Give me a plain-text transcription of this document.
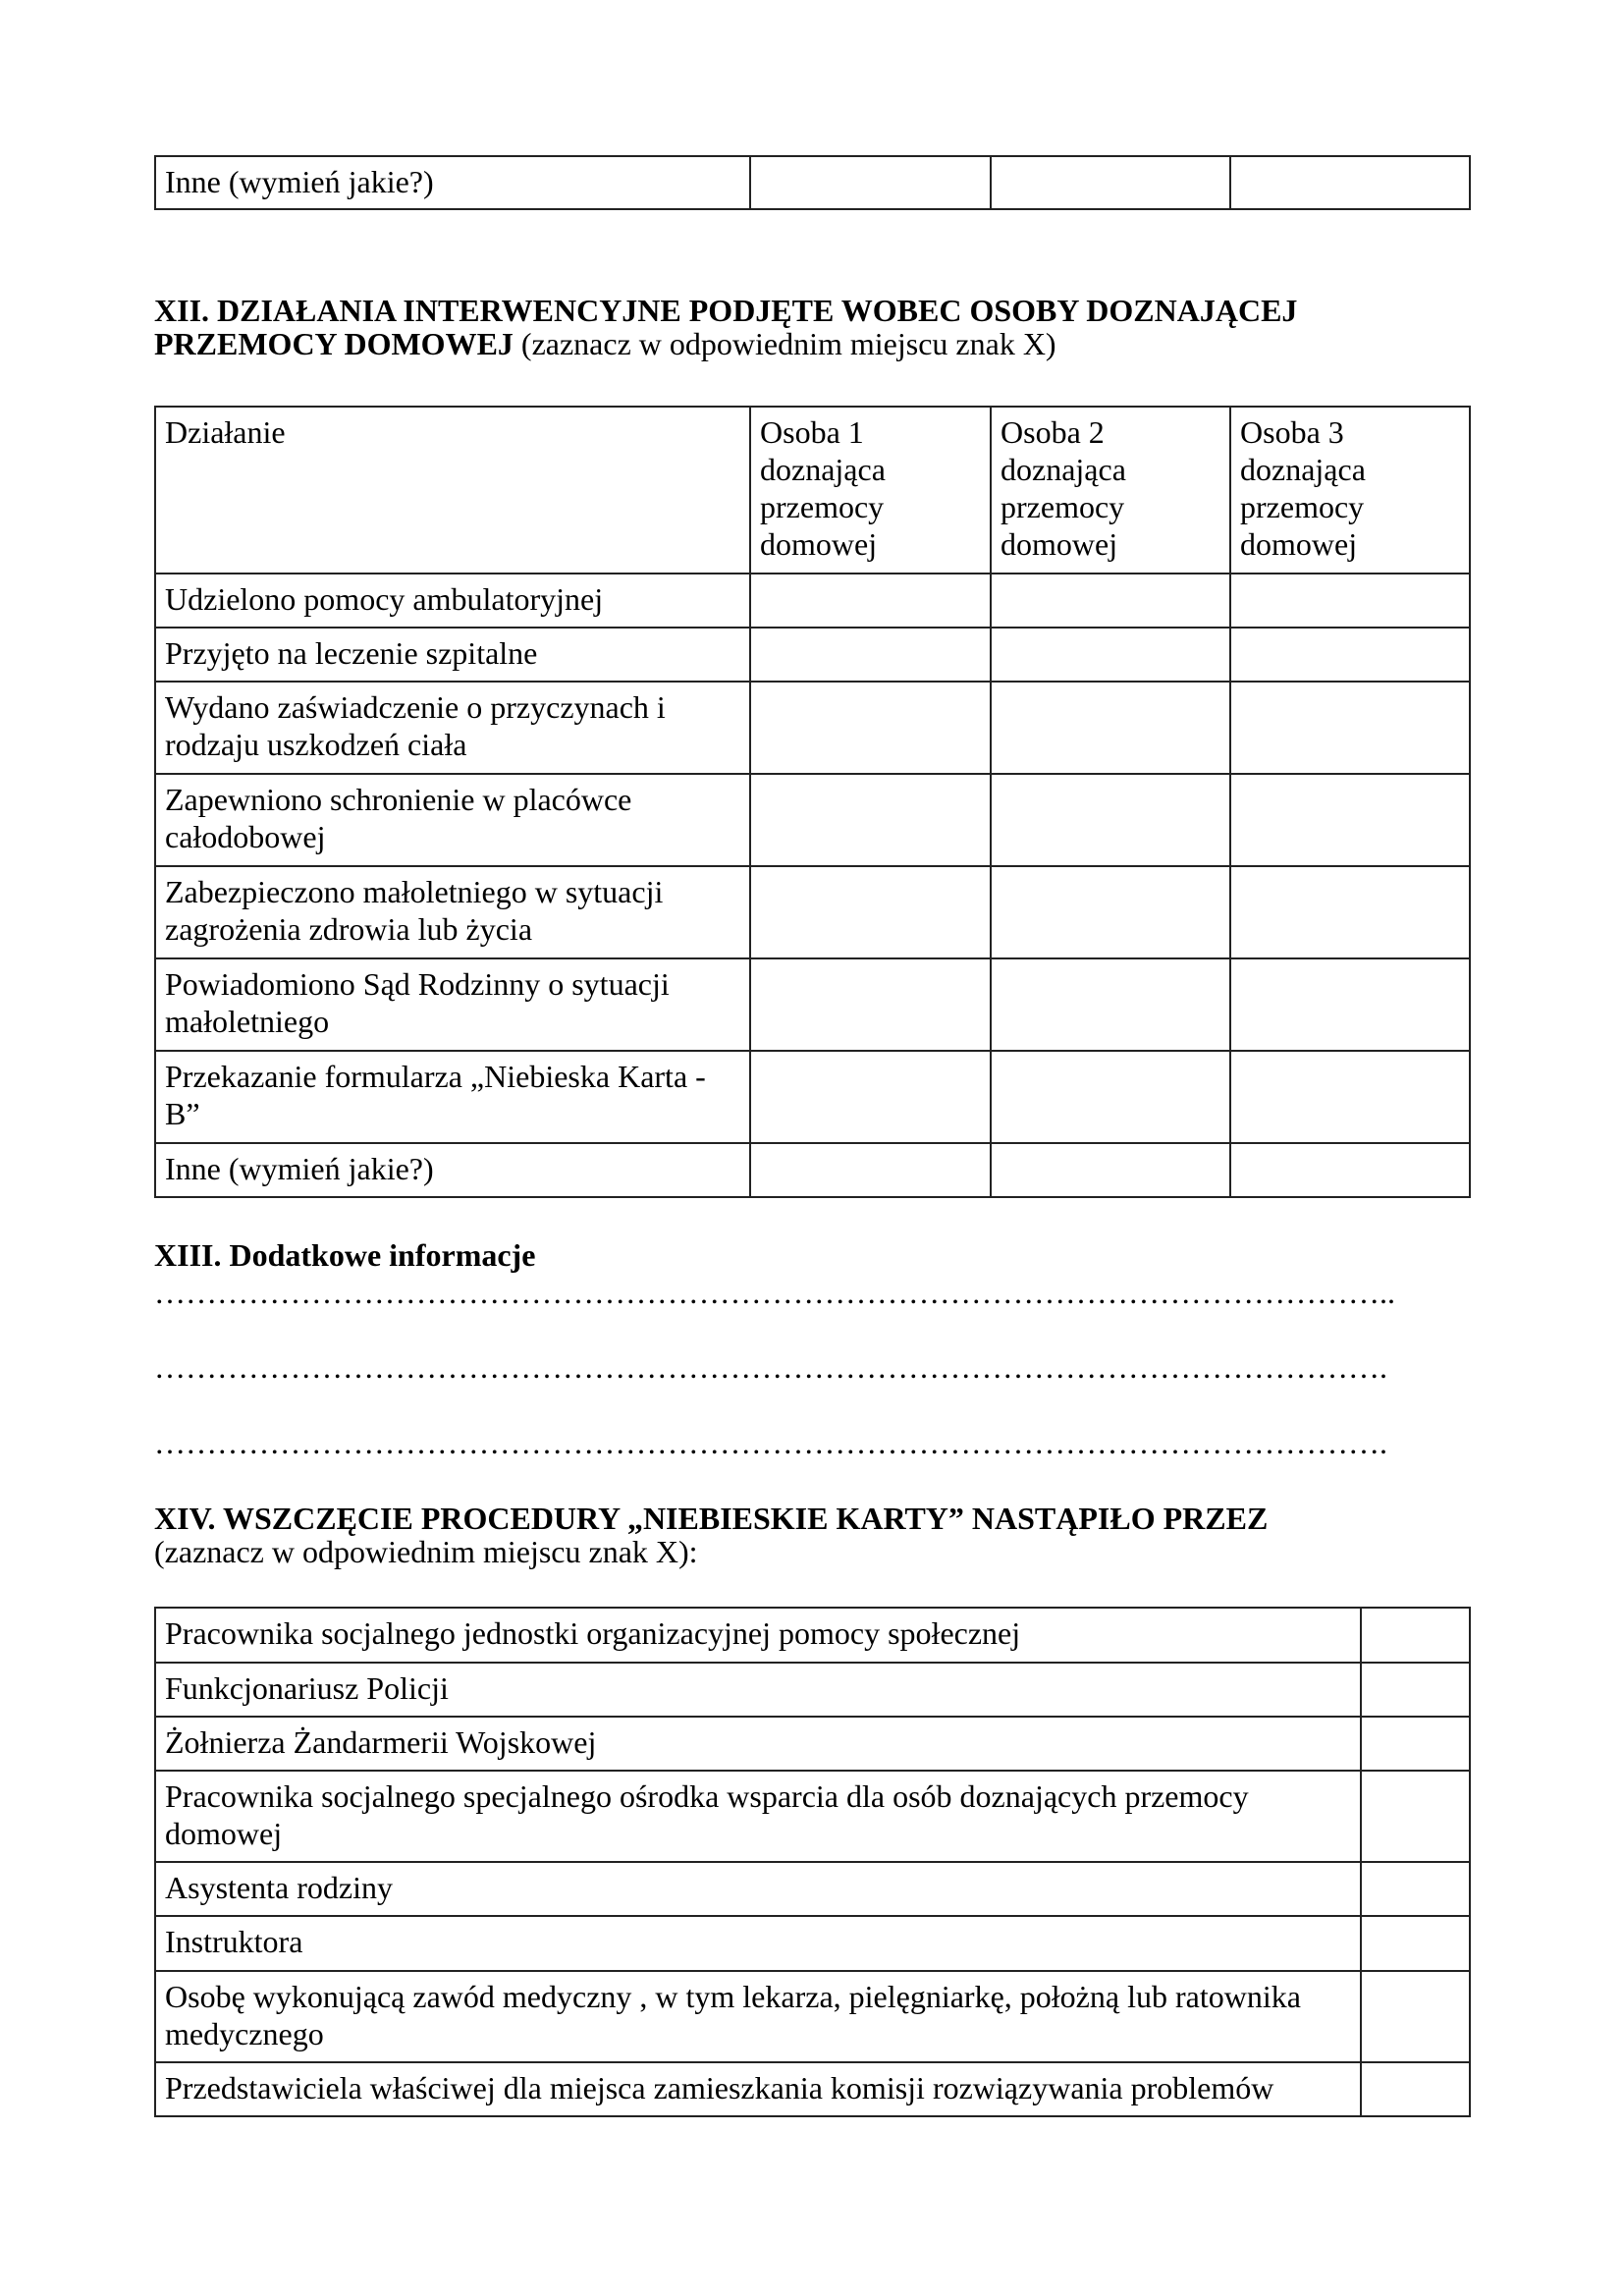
Inne (wymień jakie?)			
XII. DZIAŁANIA INTERWENCYJNE PODJĘTE WOBEC OSOBY DOZNAJĄCEJ
PRZEMOCY DOMOWEJ (zaznacz w odpowiednim miejscu znak X)
Działanie	Osoba 1 doznająca przemocy domowej	Osoba 2 doznająca przemocy domowej	Osoba 3 doznająca przemocy domowej
Udzielono pomocy ambulatoryjnej			
Przyjęto na leczenie szpitalne			
Wydano zaświadczenie o przyczynach i rodzaju uszkodzeń ciała			
Zapewniono schronienie w placówce całodobowej			
Zabezpieczono małoletniego w sytuacji zagrożenia zdrowia lub życia			
Powiadomiono Sąd Rodzinny o sytuacji małoletniego			
Przekazanie formularza „Niebieska Karta - B”			
Inne (wymień jakie?)			
XIII. Dodatkowe informacje
………………………………………………………………………………………………………..
……………………………………………………………………………………………………….
……………………………………………………………………………………………………….
XIV. WSZCZĘCIE PROCEDURY „NIEBIESKIE KARTY” NASTĄPIŁO PRZEZ
(zaznacz w odpowiednim miejscu znak X):
Pracownika socjalnego jednostki organizacyjnej pomocy społecznej	
Funkcjonariusz Policji	
Żołnierza Żandarmerii Wojskowej	
Pracownika socjalnego specjalnego ośrodka wsparcia dla osób doznających przemocy domowej	
Asystenta rodziny	
Instruktora	
Osobę wykonującą zawód medyczny , w tym lekarza, pielęgniarkę, położną lub ratownika medycznego	
Przedstawiciela właściwej dla miejsca zamieszkania komisji rozwiązywania problemów	
